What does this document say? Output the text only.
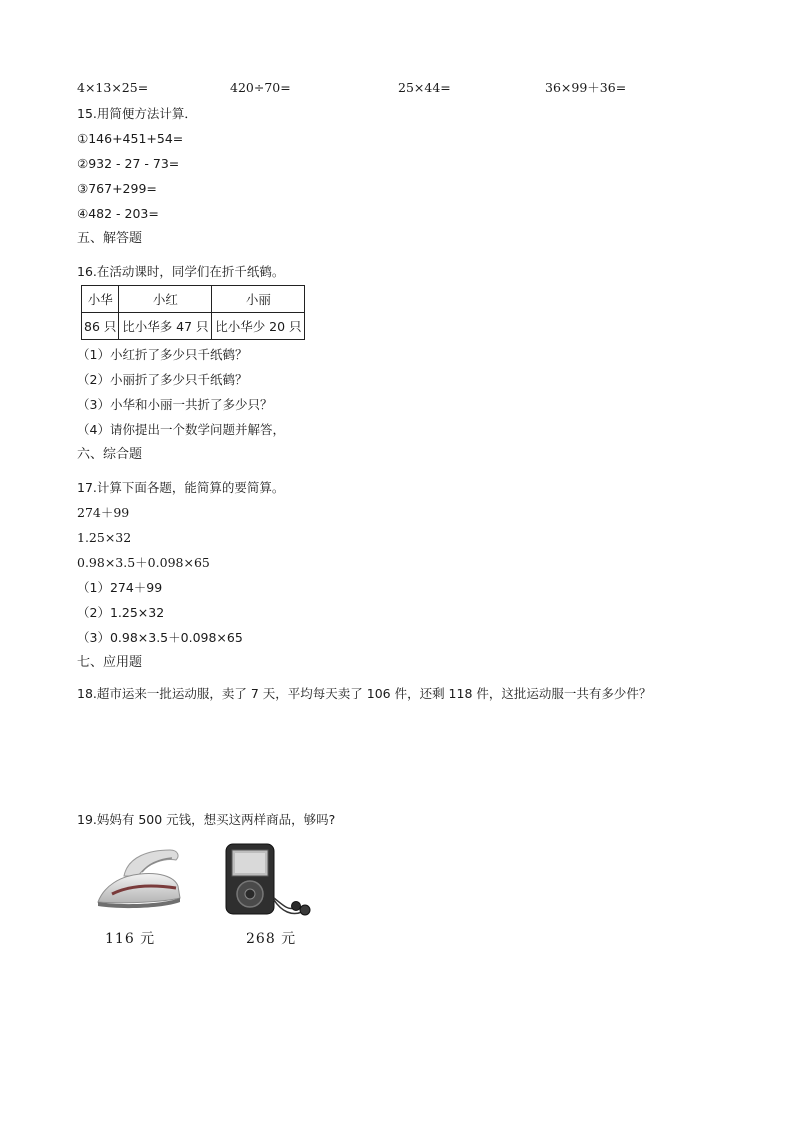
4×13×25=	420÷70=	25×44=	36×99＋36=
15.用简便方法计算．
①146+451+54=
②932 - 27 - 73=
③767+299=
④482 - 203=
五、解答题
16.在活动课时，同学们在折千纸鹤。
小华	小红	小丽
86 只	比小华多 47 只	比小华少 20 只
（1）小红折了多少只千纸鹤？
（2）小丽折了多少只千纸鹤？
（3）小华和小丽一共折了多少只？
（4）请你提出一个数学问题并解答，
六、综合题
17.计算下面各题，能简算的要简算。
274＋99
1.25×32
0.98×3.5＋0.098×65
（1）274＋99
（2）1.25×32
（3）0.98×3.5＋0.098×65
七、应用题
18.超市运来一批运动服，卖了 7 天，平均每天卖了 106 件，还剩 118 件，这批运动服一共有多少件？
19.妈妈有 500 元钱，想买这两样商品，够吗?
116 元	268 元
